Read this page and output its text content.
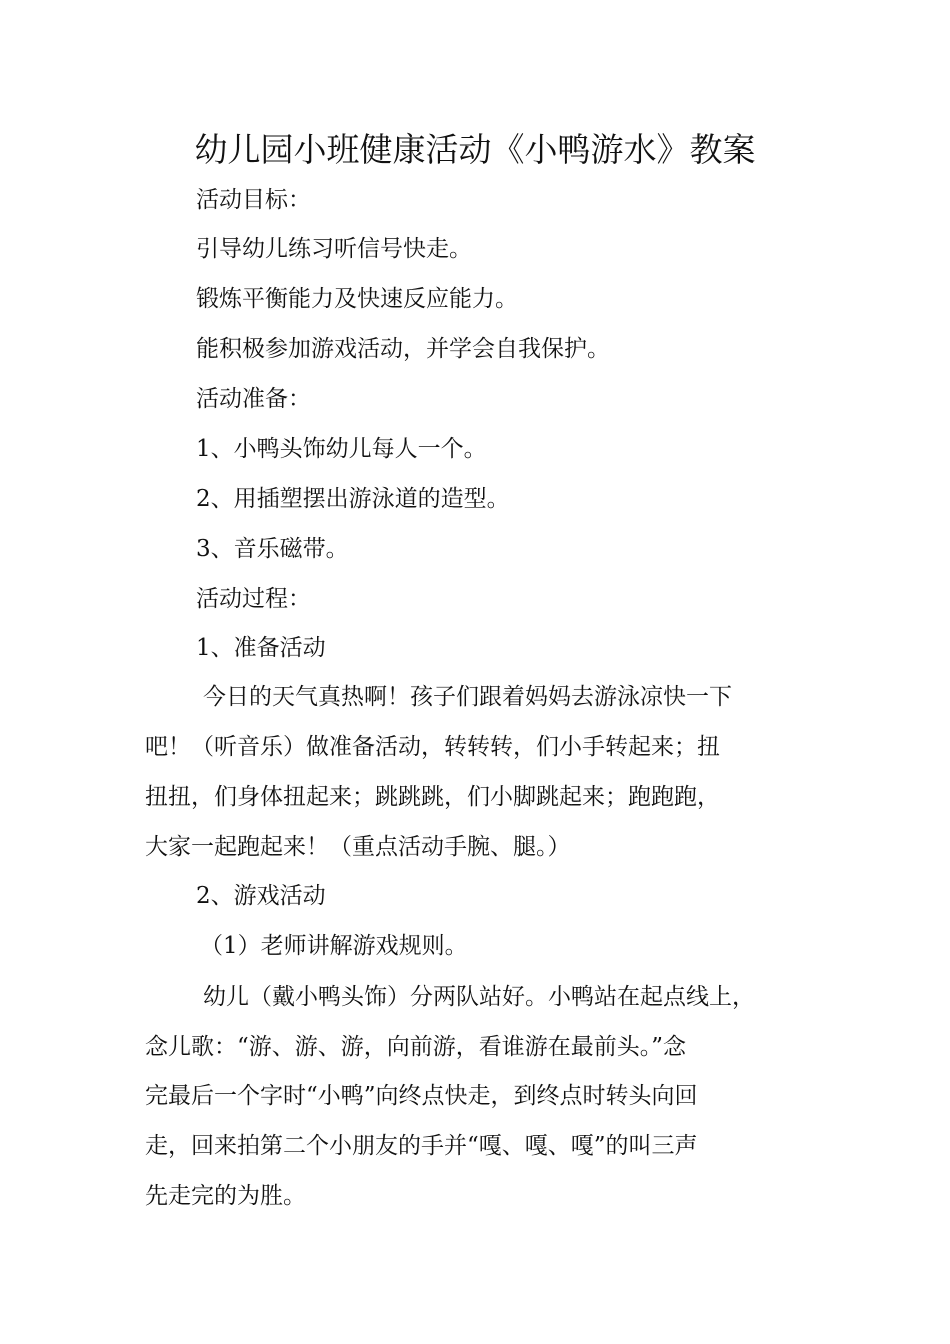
幼儿园小班健康活动《小鸭游水》教案
活动目标：
引导幼儿练习听信号快走。
锻炼平衡能力及快速反应能力。
能积极参加游戏活动，并学会自我保护。
活动准备：
1、小鸭头饰幼儿每人一个。
2、用插塑摆出游泳道的造型。
3、音乐磁带。
活动过程：
1、准备活动
今日的天气真热啊！孩子们跟着妈妈去游泳凉快一下
吧！（听音乐）做准备活动，转转转，们小手转起来；扭
扭扭，们身体扭起来；跳跳跳，们小脚跳起来；跑跑跑，
大家一起跑起来！（重点活动手腕、腿。）
2、游戏活动
（1）老师讲解游戏规则。
幼儿（戴小鸭头饰）分两队站好。小鸭站在起点线上，
念儿歌：“游、游、游，向前游，看谁游在最前头。”念
完最后一个字时“小鸭”向终点快走，到终点时转头向回
走，回来拍第二个小朋友的手并“嘎、嘎、嘎”的叫三声
先走完的为胜。
